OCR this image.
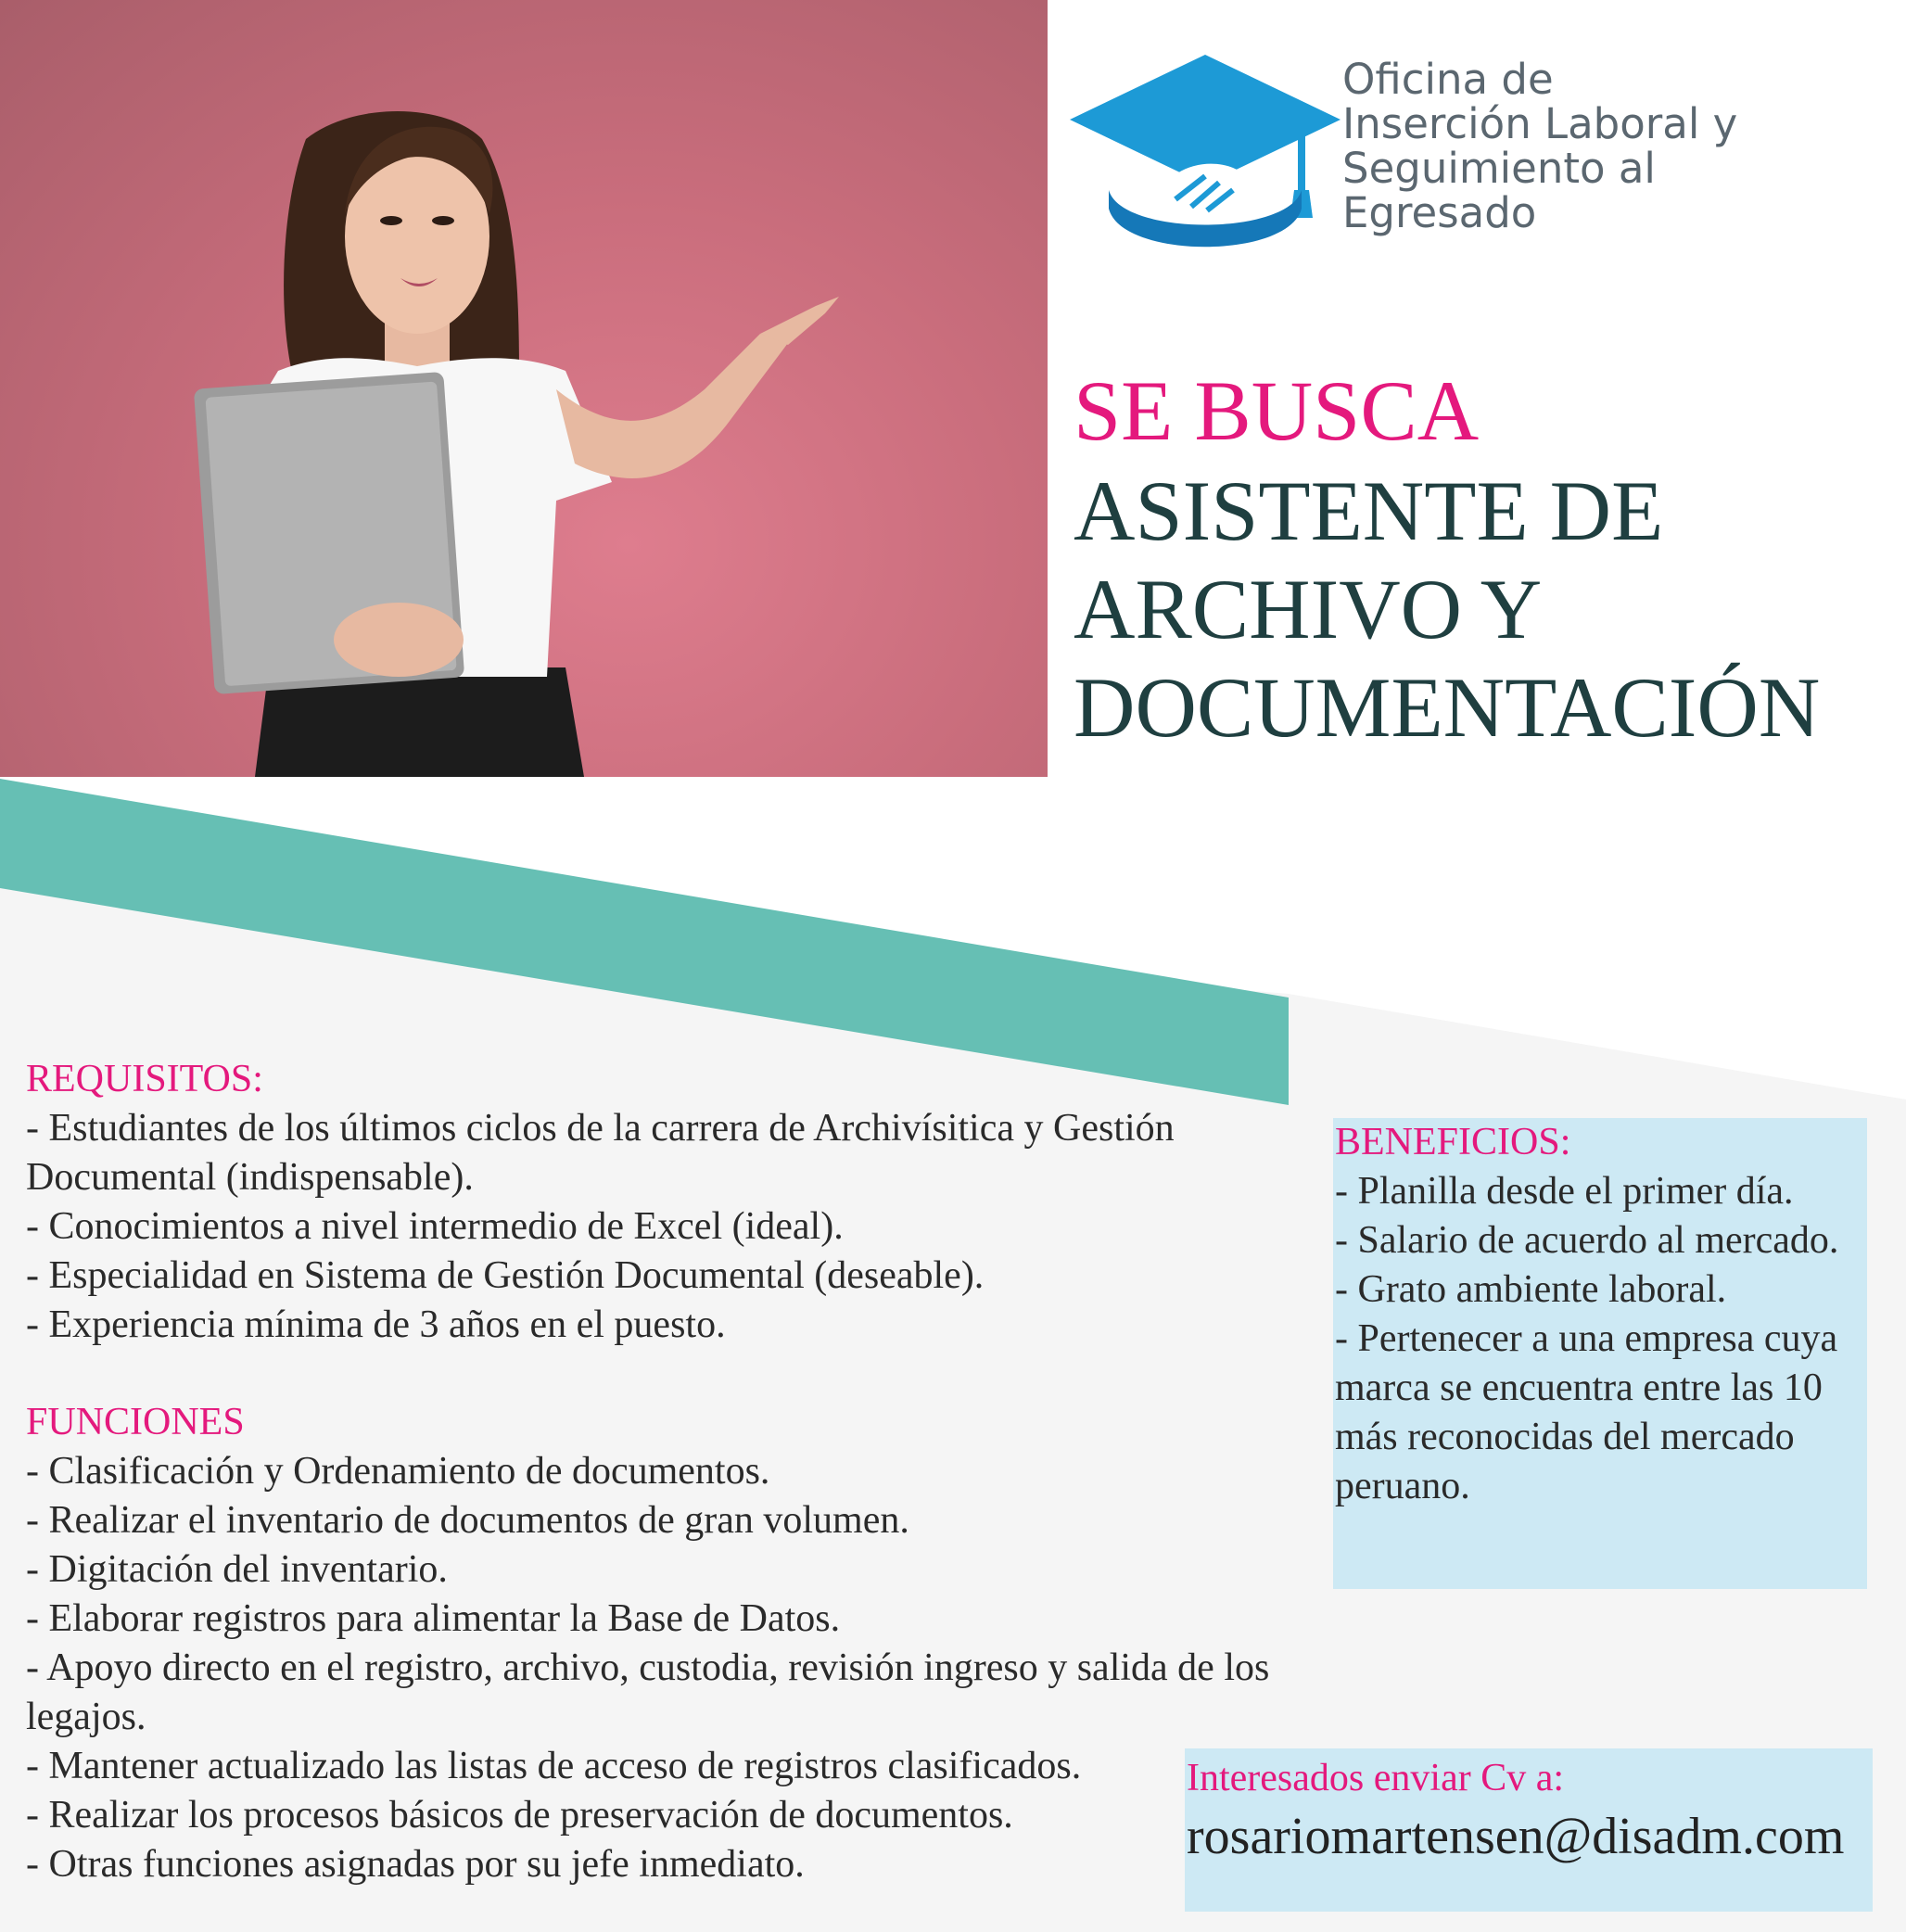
Oficina de
Inserción Laboral y
Seguimiento al
Egresado
SE BUSCA
ASISTENTE DE
ARCHIVO Y
DOCUMENTACIÓN
REQUISITOS:
- Estudiantes de los últimos ciclos de la carrera de Archivísitica y Gestión Documental (indispensable).
- Conocimientos a nivel intermedio de Excel (ideal).
- Especialidad en Sistema de Gestión Documental (deseable).
- Experiencia mínima de 3 años en el puesto.
FUNCIONES
- Clasificación y Ordenamiento de documentos.
- Realizar el inventario de documentos de gran volumen.
- Digitación del inventario.
- Elaborar registros para alimentar la Base de Datos.
- Apoyo directo en el registro, archivo, custodia, revisión ingreso y salida de los legajos.
- Mantener actualizado las listas de acceso de registros clasificados.
- Realizar los procesos básicos de preservación de documentos.
- Otras funciones asignadas por su jefe inmediato.
BENEFICIOS:
- Planilla desde el primer día.
- Salario de acuerdo al mercado.
- Grato ambiente laboral.
- Pertenecer a una empresa cuya marca se encuentra entre las 10 más reconocidas del mercado peruano.
Interesados enviar Cv a:
rosariomartensen@disadm.com
